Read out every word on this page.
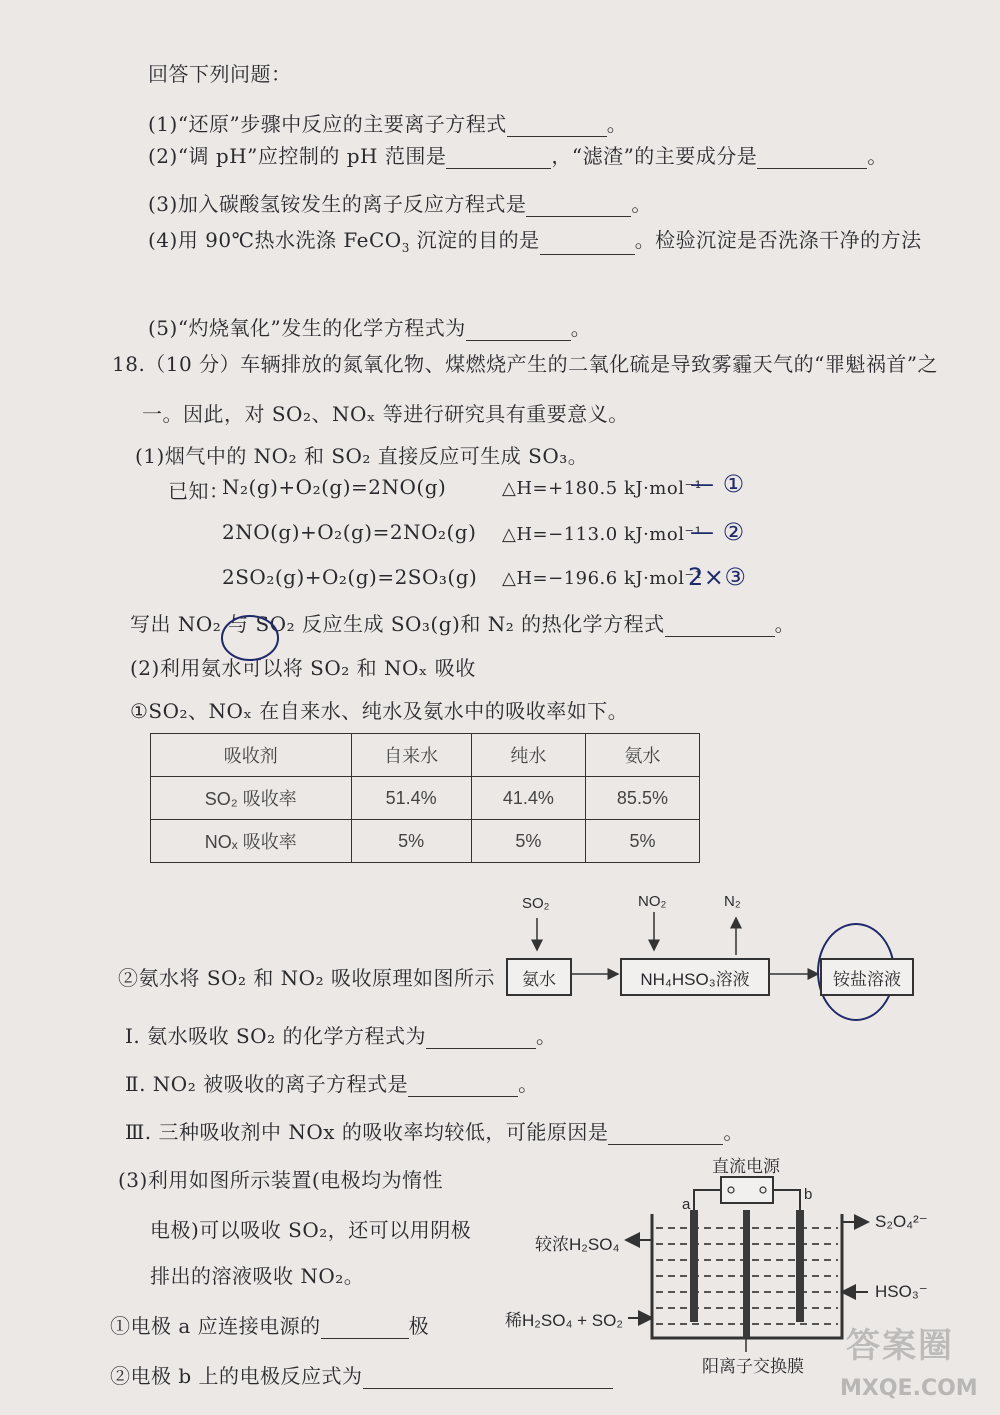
回答下列问题：
(1)“还原”步骤中反应的主要离子方程式	。
(2)“调 pH”应控制的 pH 范围是	，“滤渣”的主要成分是	。
(3)加入碳酸氢铵发生的离子反应方程式是	。
(4)用 90℃热水洗涤 FeCO$_3$ 沉淀的目的是	。检验沉淀是否洗涤干净的方法
(5)“灼烧氧化”发生的化学方程式为	。
18.（10 分）车辆排放的氮氧化物、煤燃烧产生的二氧化硫是导致雾霾天气的“罪魁祸首”之
一。因此，对 SO₂、NOₓ 等进行研究具有重要意义。
(1)烟气中的 NO₂ 和 SO₂ 直接反应可生成 SO₃。
已知：
N₂(g)+O₂(g)=2NO(g)	△H=+180.5 kJ·mol⁻¹
2NO(g)+O₂(g)=2NO₂(g) △H=−113.0 kJ·mol⁻¹
2SO₂(g)+O₂(g)=2SO₃(g) △H=−196.6 kJ·mol⁻¹
— ①
— ②
2×③
写出 NO₂ 与 SO₂ 反应生成 SO₃(g)和 N₂ 的热化学方程式	。
(2)利用氨水可以将 SO₂ 和 NOₓ 吸收
①SO₂、NOₓ 在自来水、纯水及氨水中的吸收率如下。
吸收剂	自来水	纯水	氨水
SO₂ 吸收率	51.4%	41.4%	85.5%
NOₓ 吸收率	5%	5%	5%
②氨水将 SO₂ 和 NO₂ 吸收原理如图所示
SO₂	NO₂	N₂
氨水	NH₄HSO₃溶液	铵盐溶液
Ⅰ. 氨水吸收 SO₂ 的化学方程式为	。
Ⅱ. NO₂ 被吸收的离子方程式是	。
Ⅲ. 三种吸收剂中 NOx 的吸收率均较低，可能原因是	。
(3)利用如图所示装置(电极均为惰性
电极)可以吸收 SO₂，还可以用阴极
排出的溶液吸收 NO₂。
①电极 a 应连接电源的	极
②电极 b 上的电极反应式为
直流电源
a
b
较浓H₂SO₄
稀H₂SO₄ + SO₂
S₂O₄²⁻
HSO₃⁻
阳离子交换膜
答案圈
MXQE.COM
